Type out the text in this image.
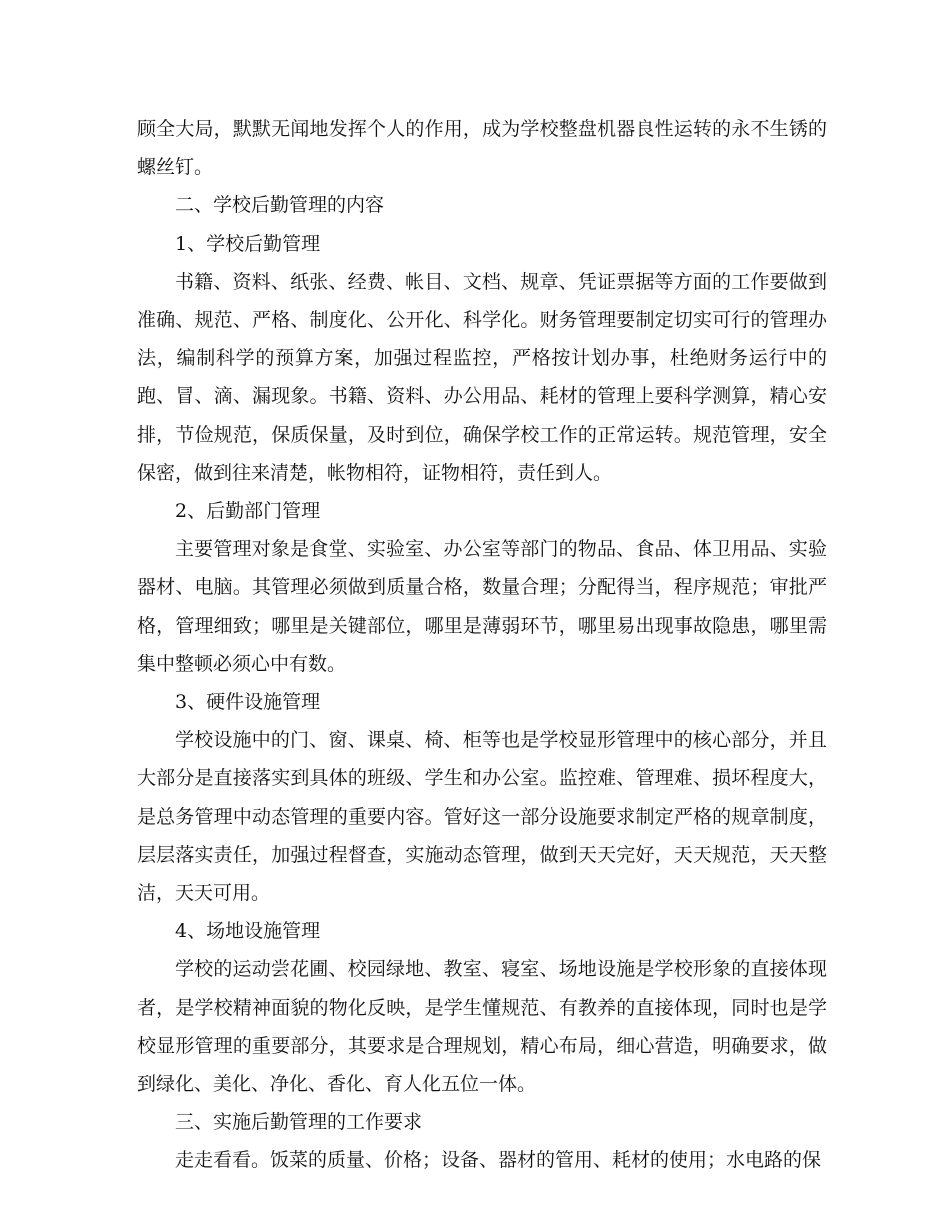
顾全大局，默默无闻地发挥个人的作用，成为学校整盘机器良性运转的永不生锈的螺丝钉。

二、学校后勤管理的内容

1、学校后勤管理

书籍、资料、纸张、经费、帐目、文档、规章、凭证票据等方面的工作要做到准确、规范、严格、制度化、公开化、科学化。财务管理要制定切实可行的管理办法，编制科学的预算方案，加强过程监控，严格按计划办事，杜绝财务运行中的跑、冒、滴、漏现象。书籍、资料、办公用品、耗材的管理上要科学测算，精心安排，节俭规范，保质保量，及时到位，确保学校工作的正常运转。规范管理，安全保密，做到往来清楚，帐物相符，证物相符，责任到人。

2、后勤部门管理

主要管理对象是食堂、实验室、办公室等部门的物品、食品、体卫用品、实验器材、电脑。其管理必须做到质量合格，数量合理；分配得当，程序规范；审批严格，管理细致；哪里是关键部位，哪里是薄弱环节，哪里易出现事故隐患，哪里需集中整顿必须心中有数。

3、硬件设施管理

学校设施中的门、窗、课桌、椅、柜等也是学校显形管理中的核心部分，并且大部分是直接落实到具体的班级、学生和办公室。监控难、管理难、损坏程度大，是总务管理中动态管理的重要内容。管好这一部分设施要求制定严格的规章制度，层层落实责任，加强过程督查，实施动态管理，做到天天完好，天天规范，天天整洁，天天可用。

4、场地设施管理

学校的运动尝花圃、校园绿地、教室、寝室、场地设施是学校形象的直接体现者，是学校精神面貌的物化反映，是学生懂规范、有教养的直接体现，同时也是学校显形管理的重要部分，其要求是合理规划，精心布局，细心营造，明确要求，做到绿化、美化、净化、香化、育人化五位一体。

三、实施后勤管理的工作要求

走走看看。饭菜的质量、价格；设备、器材的管用、耗材的使用；水电路的保
